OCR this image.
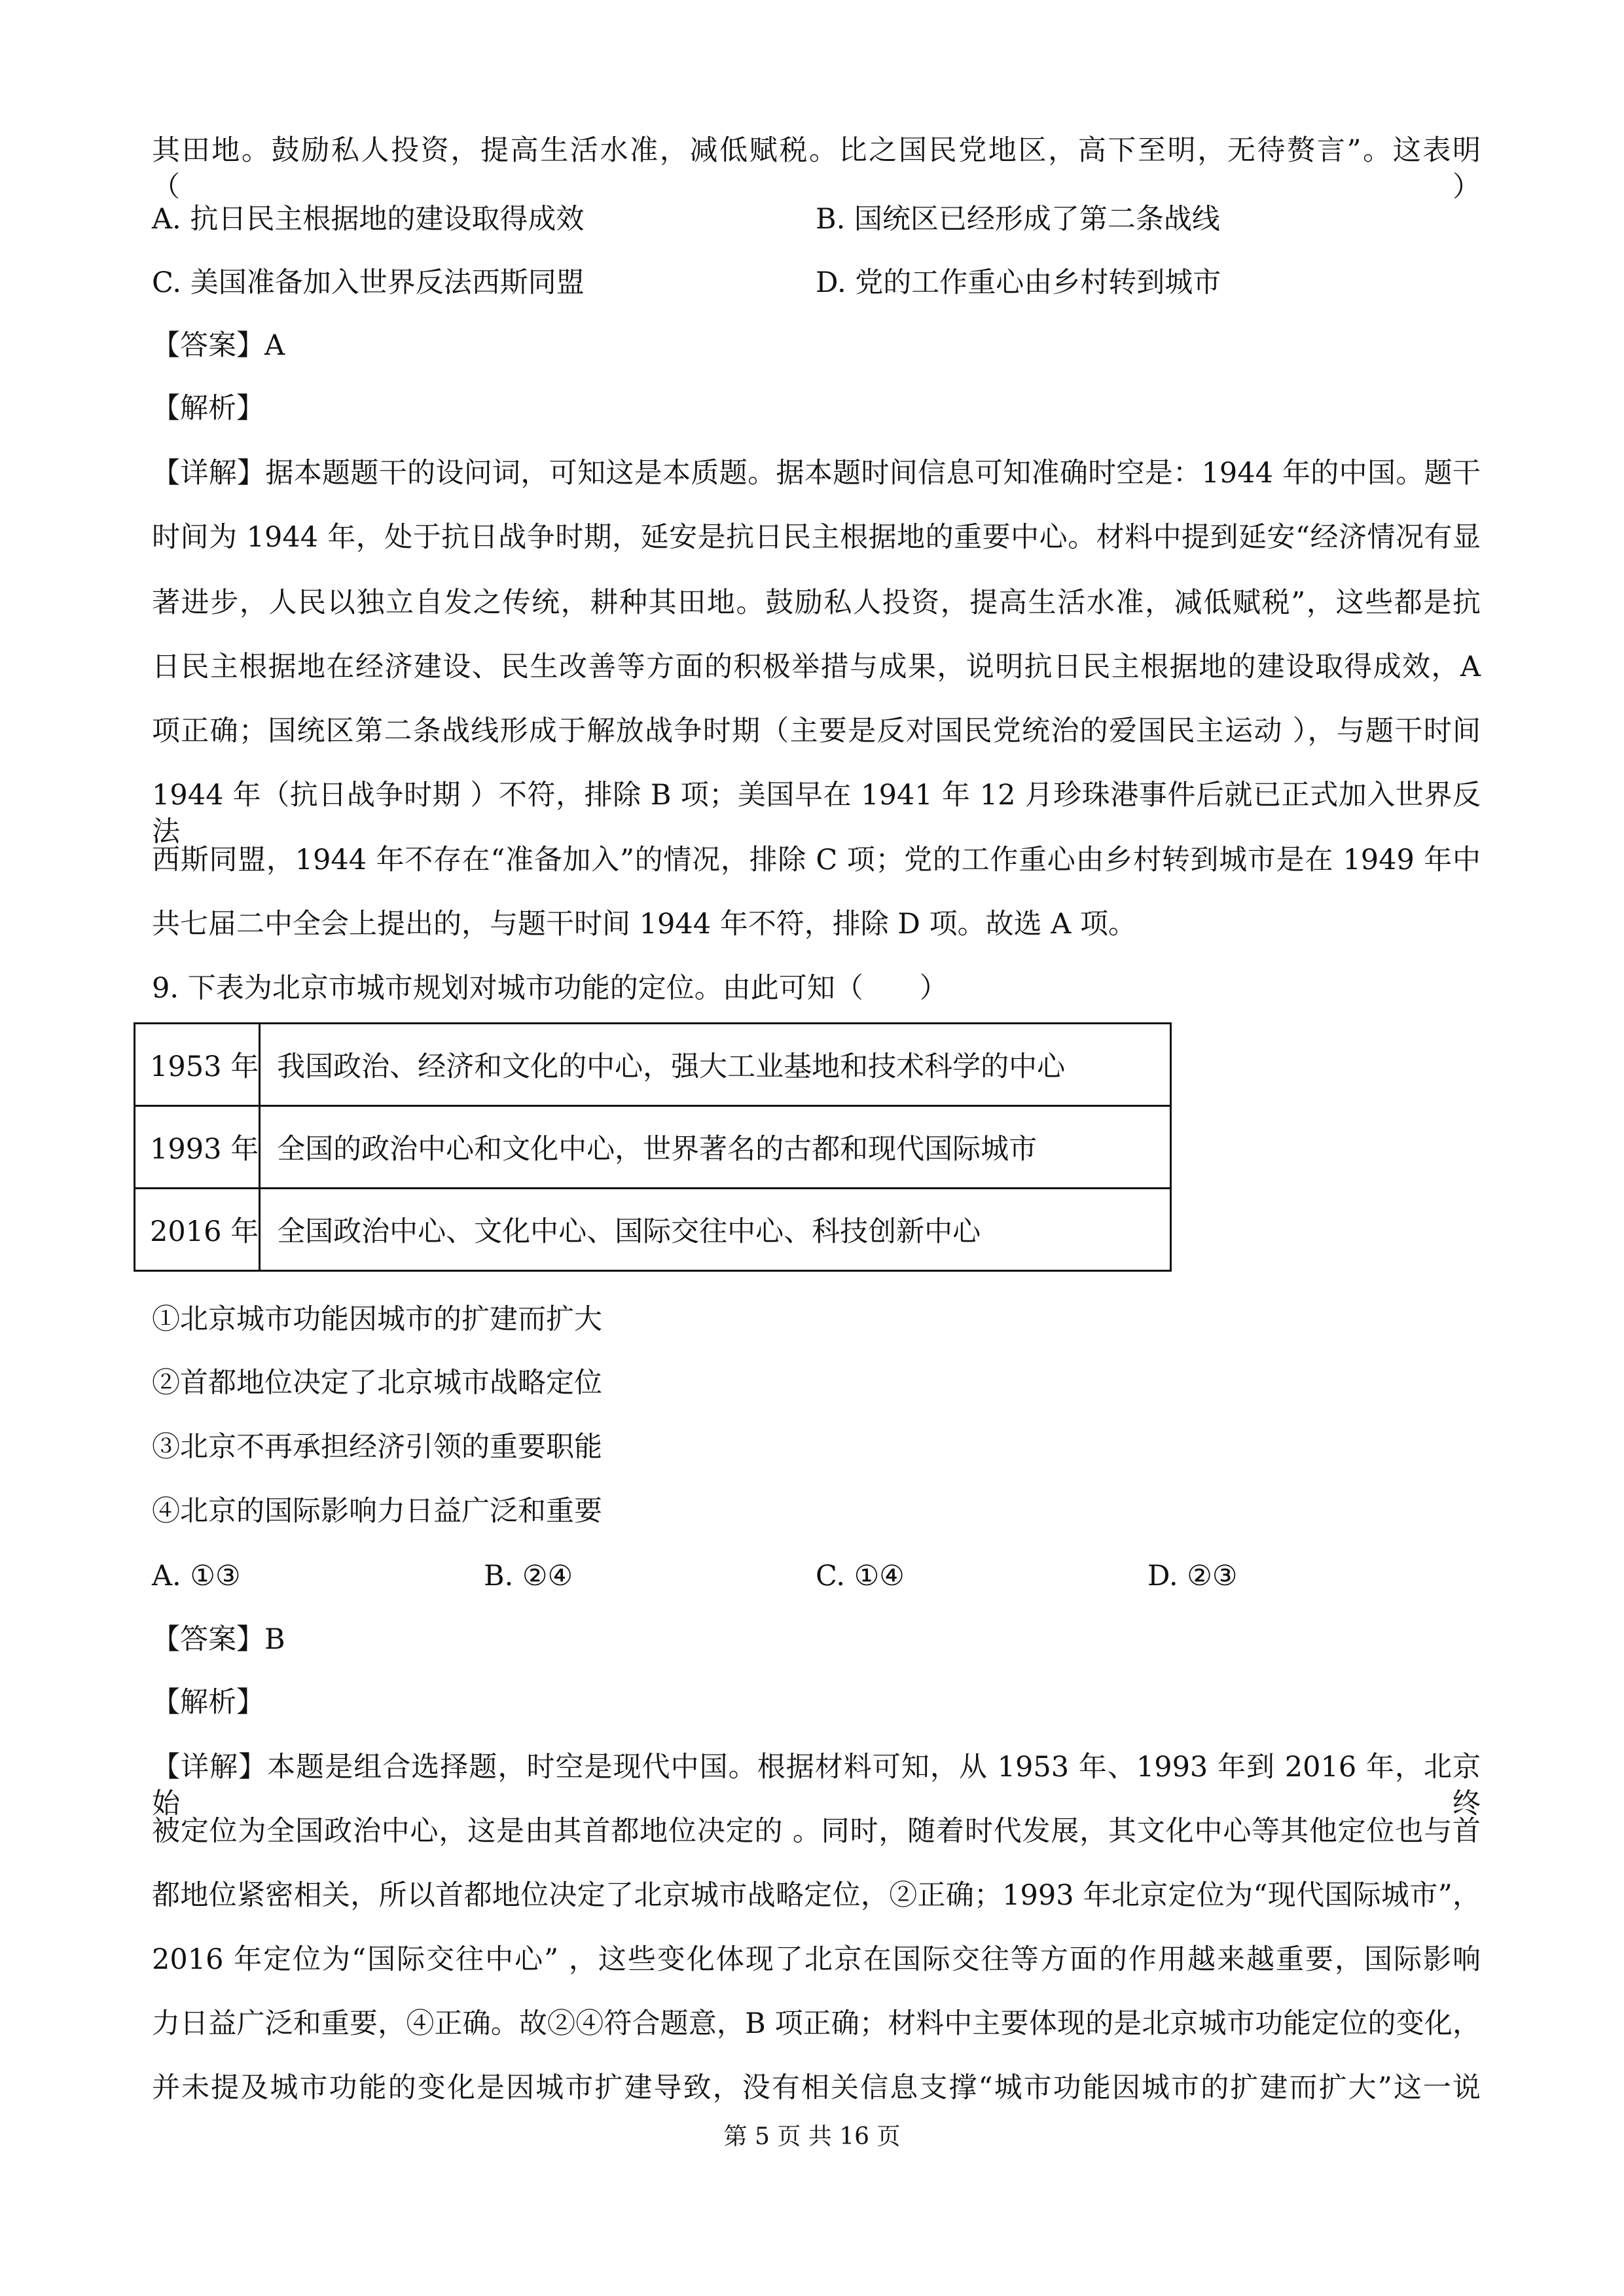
其田地。鼓励私人投资，提高生活水准，减低赋税。比之国民党地区，高下至明，无待赘言”。这表明（　　）
A. 抗日民主根据地的建设取得成效	B. 国统区已经形成了第二条战线
C. 美国准备加入世界反法西斯同盟	D. 党的工作重心由乡村转到城市
【答案】A
【解析】
【详解】据本题题干的设问词，可知这是本质题。据本题时间信息可知准确时空是：1944 年的中国。题干
时间为 1944 年，处于抗日战争时期，延安是抗日民主根据地的重要中心。材料中提到延安“经济情况有显
著进步，人民以独立自发之传统，耕种其田地。鼓励私人投资，提高生活水准，减低赋税”，这些都是抗
日民主根据地在经济建设、民生改善等方面的积极举措与成果，说明抗日民主根据地的建设取得成效，A
项正确；国统区第二条战线形成于解放战争时期（主要是反对国民党统治的爱国民主运动 ），与题干时间
1944 年（抗日战争时期 ）不符，排除 B 项；美国早在 1941 年 12 月珍珠港事件后就已正式加入世界反法
西斯同盟，1944 年不存在“准备加入”的情况，排除 C 项；党的工作重心由乡村转到城市是在 1949 年中
共七届二中全会上提出的，与题干时间 1944 年不符，排除 D 项。故选 A 项。
9. 下表为北京市城市规划对城市功能的定位。由此可知（　　）
1953 年	我国政治、经济和文化的中心，强大工业基地和技术科学的中心
1993 年	全国的政治中心和文化中心，世界著名的古都和现代国际城市
2016 年	全国政治中心、文化中心、国际交往中心、科技创新中心
①北京城市功能因城市的扩建而扩大
②首都地位决定了北京城市战略定位
③北京不再承担经济引领的重要职能
④北京的国际影响力日益广泛和重要
A. ①③	B. ②④	C. ①④	D. ②③
【答案】B
【解析】
【详解】本题是组合选择题，时空是现代中国。根据材料可知，从 1953 年、1993 年到 2016 年，北京始终
被定位为全国政治中心，这是由其首都地位决定的 。同时，随着时代发展，其文化中心等其他定位也与首
都地位紧密相关，所以首都地位决定了北京城市战略定位，②正确；1993 年北京定位为“现代国际城市”，
2016 年定位为“国际交往中心” ，这些变化体现了北京在国际交往等方面的作用越来越重要，国际影响
力日益广泛和重要，④正确。故②④符合题意，B 项正确；材料中主要体现的是北京城市功能定位的变化，
并未提及城市功能的变化是因城市扩建导致，没有相关信息支撑“城市功能因城市的扩建而扩大”这一说
第 5 页 共 16 页
